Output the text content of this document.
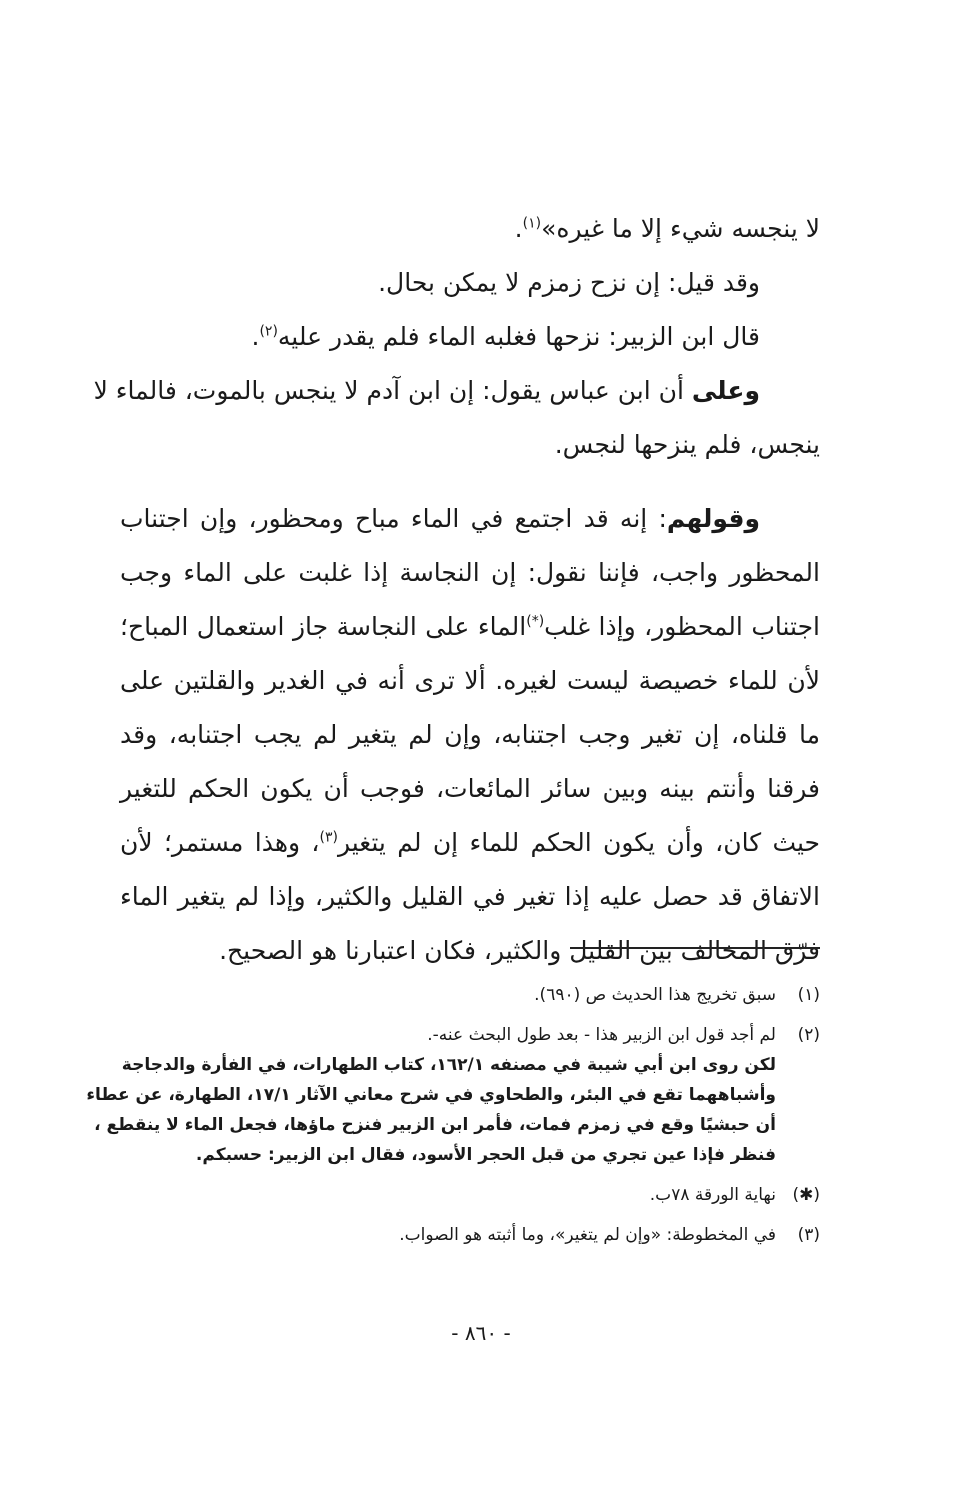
لا ينجسه شيء إلا ما غيره»$^{(١)}$.
وقد قيل: إن نزح زمزم لا يمكن بحال.
قال ابن الزبير: نزحها فغلبه الماء فلم يقدر عليه$^{(٢)}$.
وعلى أن ابن عباس يقول: إن ابن آدم لا ينجس بالموت، فالماء لا
ينجس، فلم ينزحها لنجس.
وقولهم: إنه قد اجتمع في الماء مباح ومحظور، وإن اجتناب
المحظور واجب، فإننا نقول: إن النجاسة إذا غلبت على الماء وجب
اجتناب المحظور، وإذا غلب(*)الماء على النجاسة جاز استعمال المباح؛
لأن للماء خصيصة ليست لغيره. ألا ترى أنه في الغدير والقلتين على
ما قلناه، إن تغير وجب اجتنابه، وإن لم يتغير لم يجب اجتنابه، وقد
فرقنا وأنتم بينه وبين سائر المائعات، فوجب أن يكون الحكم للتغير
حيث كان، وأن يكون الحكم للماء إن لم يتغير$^{(٣)}$، وهذا مستمر؛ لأن
الاتفاق قد حصل عليه إذا تغير في القليل والكثير، وإذا لم يتغير الماء
فرّق المخالف بين القليل والكثير، فكان اعتبارنا هو الصحيح.
(١)
سبق تخريج هذا الحديث ص (٦٩٠).
(٢)
لم أجد قول ابن الزبير هذا - بعد طول البحث عنه-.
لكن روى ابن أبي شيبة في مصنفه ١٦٢/١، كتاب الطهارات، في الفأرة والدجاجة
وأشباههما تقع في البئر، والطحاوي في شرح معاني الآثار ١٧/١، الطهارة، عن عطاء
أن حبشيًا وقع في زمزم فمات، فأمر ابن الزبير فنزح ماؤها، فجعل الماء لا ينقطع ،
فنظر فإذا عين تجري من قبل الحجر الأسود، فقال ابن الزبير: حسبكم.
(✱)
نهاية الورقة ٧٨ب.
(٣)
في المخطوطة: «وإن لم يتغير»، وما أثبته هو الصواب.
- ٨٦٠ -
